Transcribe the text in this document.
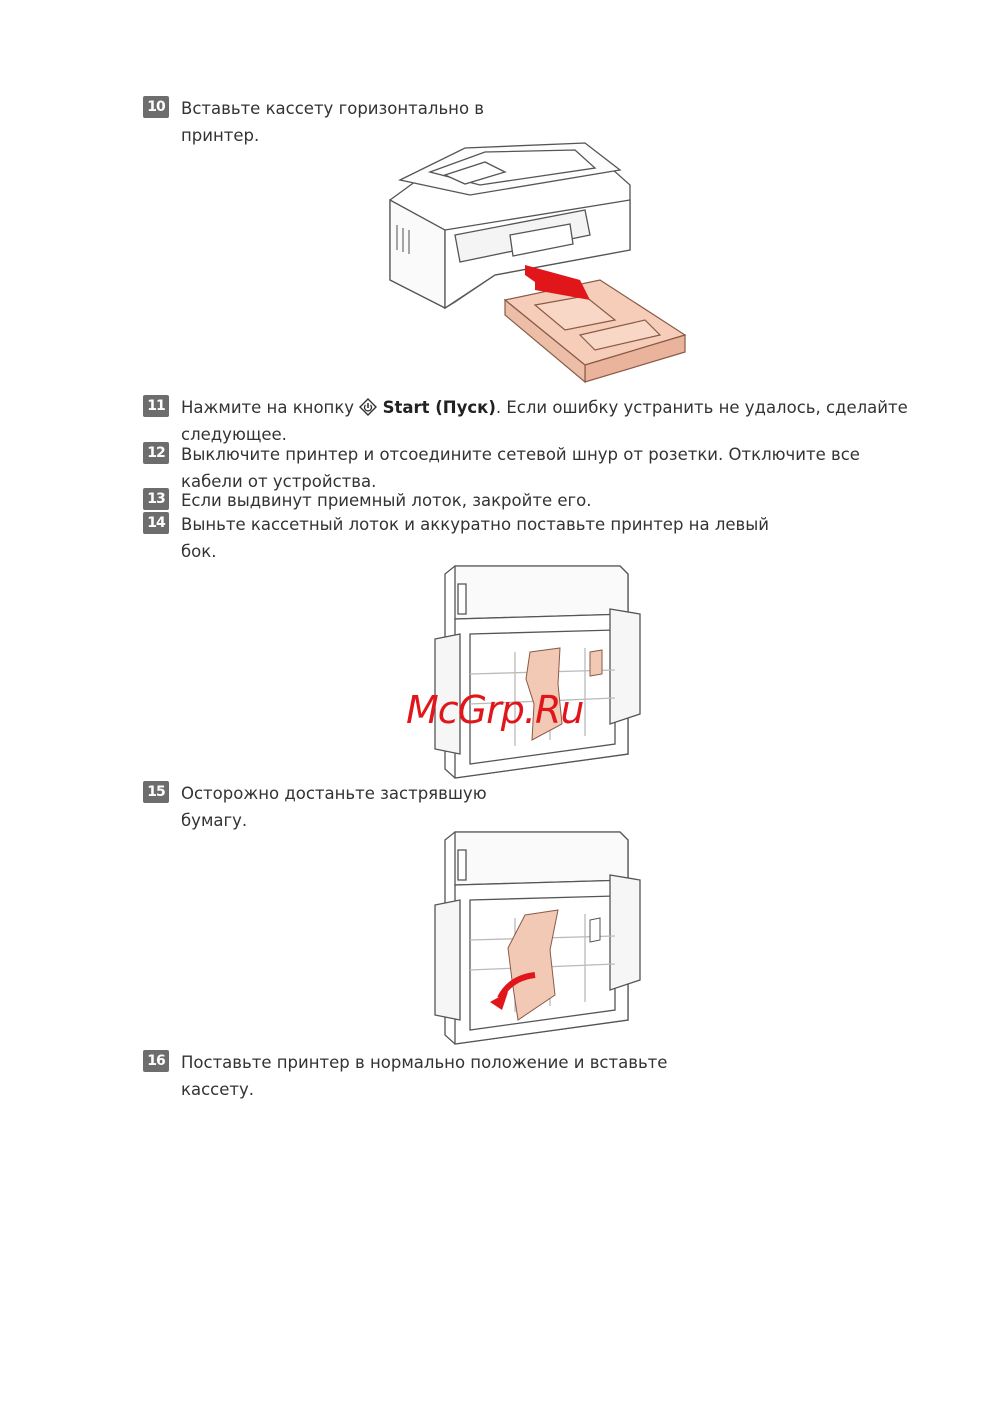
10 Вставьте кассету горизонтально в
принтер.
11 Нажмите на кнопку Start (Пуск). Если ошибку устранить не удалось, сделайте
следующее.
12 Выключите принтер и отсоедините сетевой шнур от розетки. Отключите все
кабели от устройства.
13 Если выдвинут приемный лоток, закройте его.
14 Выньте кассетный лоток и аккуратно поставьте принтер на левый
бок.
McGrp.Ru
15 Осторожно достаньте застрявшую
бумагу.
16 Поставьте принтер в нормально положение и вставьте
кассету.
